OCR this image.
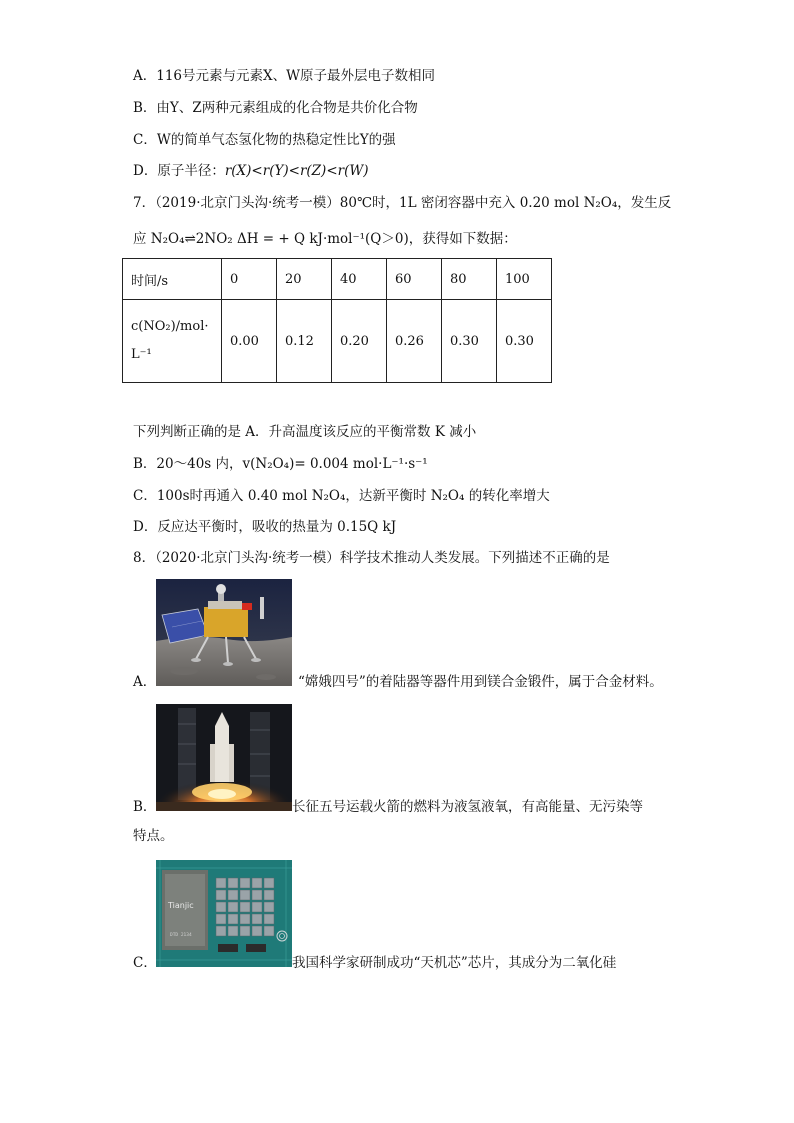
A．116号元素与元素X、W原子最外层电子数相同
B．由Y、Z两种元素组成的化合物是共价化合物
C．W的简单气态氢化物的热稳定性比Y的强
D．原子半径：r(X)<r(Y)<r(Z)<r(W)
7．（2019·北京门头沟·统考一模）80℃时，1L 密闭容器中充入 0.20 mol N₂O₄，发生反
应 N₂O₄⇌2NO₂ ΔH = + Q kJ·mol⁻¹(Q＞0)，获得如下数据：
时间/s	0	20	40	60	80	100
c(NO₂)/mol·
L⁻¹	0.00	0.12	0.20	0.26	0.30	0.30
下列判断正确的是 A．升高温度该反应的平衡常数 K 减小
B．20～40s 内，v(N₂O₄)= 0.004 mol·L⁻¹·s⁻¹
C．100s时再通入 0.40 mol N₂O₄，达新平衡时 N₂O₄ 的转化率增大
D．反应达平衡时，吸收的热量为 0.15Q kJ
8．（2020·北京门头沟·统考一模）科学技术推动人类发展。下列描述不正确的是
A．	“嫦娥四号”的着陆器等器件用到镁合金锻件，属于合金材料。
B．	长征五号运载火箭的燃料为液氢液氧，有高能量、无污染等
特点。
Tianjic
DTD 2134
C．	我国科学家研制成功“天机芯”芯片，其成分为二氧化硅
